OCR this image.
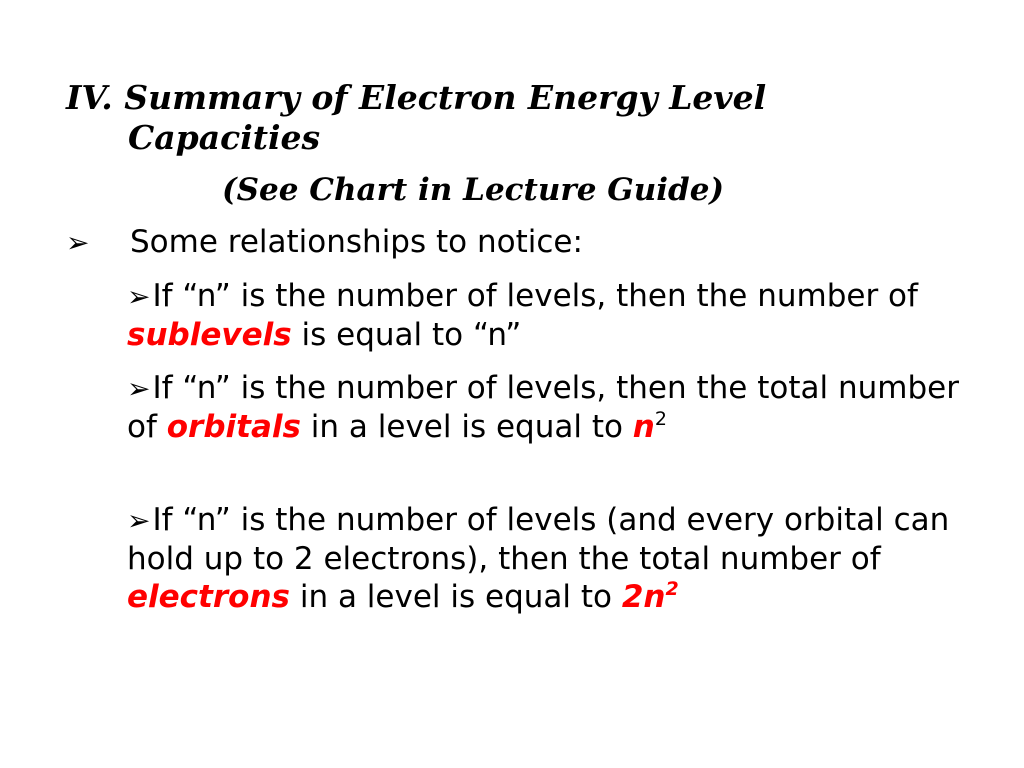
IV. Summary of Electron Energy Level
Capacities
(See Chart in Lecture Guide)
➢ Some relationships to notice:
➢If “n” is the number of levels, then the number of sublevels is equal to “n”
➢If “n” is the number of levels, then the total number of orbitals in a level is equal to $n^2$
➢If “n” is the number of levels (and every orbital can hold up to 2 electrons), then the total number of electrons in a level is equal to $2n^2$
